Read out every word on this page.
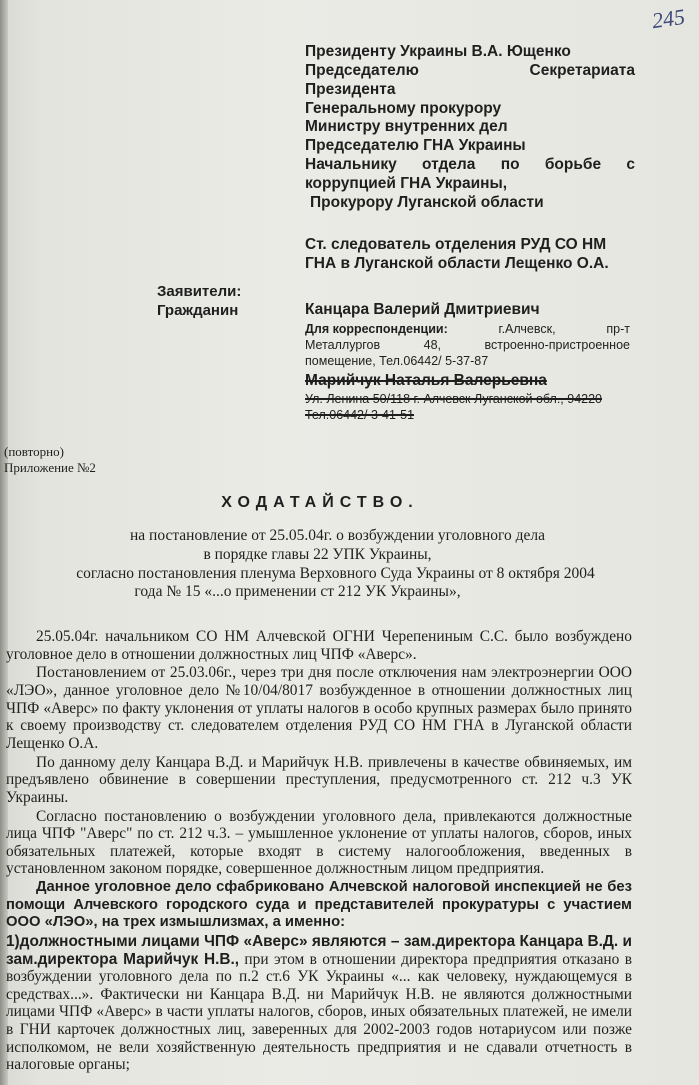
245
Президенту Украины В.А. Ющенко
Председателю	Секретариата
Президента
Генеральному прокурору
Министру внутренних дел
Председателю ГНА Украины
Начальнику отдела по борьбе с
коррупцией ГНА Украины,
Прокурору Луганской области
Ст. следователь отделения РУД СО НМ
ГНА в Луганской области Лещенко О.А.
Заявители:
Гражданин	Канцара Валерий Дмитриевич
Для корреспонденции:	г.Алчевск,	пр-т
Металлургов	48,	встроенно-пристроенное
помещение, Тел.06442/ 5-37-87
Марийчук Наталья Валерьевна
Ул. Ленина 50/118 г. Алчевск Луганской обл., 94220
Тел.06442/ 3-41-51
(повторно)
Приложение №2
ХОДАТАЙСТВО.
на постановление от 25.05.04г. о возбуждении уголовного дела
в порядке главы 22 УПК Украины,
согласно постановления пленума Верховного Суда Украины от 8 октября 2004
года № 15 «...о применении ст 212 УК Украины»,

25.05.04г. начальником СО НМ Алчевской ОГНИ Черепениным С.С. было возбуждено уголовное дело в отношении должностных лиц ЧПФ «Аверс».

Постановлением от 25.03.06г., через три дня после отключения нам электроэнергии ООО «ЛЭО», данное уголовное дело №10/04/8017 возбужденное в отношении должностных лиц ЧПФ «Аверс» по факту уклонения от уплаты налогов в особо крупных размерах было принято к своему производству ст. следователем отделения РУД СО НМ ГНА в Луганской области Лещенко О.А.

По данному делу Канцара В.Д. и Марийчук Н.В. привлечены в качестве обвиняемых, им предъявлено обвинение в совершении преступления, предусмотренного ст. 212 ч.3 УК Украины.

Согласно постановлению о возбуждении уголовного дела, привлекаются должностные лица ЧПФ "Аверс" по ст. 212 ч.3. – умышленное уклонение от уплаты налогов, сборов, иных обязательных платежей, которые входят в систему налогообложения, введенных в установленном законом порядке, совершенное должностным лицом предприятия.

Данное уголовное дело сфабриковано Алчевской налоговой инспекцией не без помощи Алчевского городского суда и представителей прокуратуры с участием ООО «ЛЭО», на трех измышлизмах, а именно:

1)должностными лицами ЧПФ «Аверс» являются – зам.директора Канцара В.Д. и зам.директора Марийчук Н.В., при этом в отношении директора предприятия отказано в возбуждении уголовного дела по п.2 ст.6 УК Украины «... как человеку, нуждающемуся в средствах...». Фактически ни Канцара В.Д. ни Марийчук Н.В. не являются должностными лицами ЧПФ «Аверс» в части уплаты налогов, сборов, иных обязательных платежей, не имели в ГНИ карточек должностных лиц, заверенных для 2002-2003 годов нотариусом или позже исполкомом, не вели хозяйственную деятельность предприятия и не сдавали отчетность в налоговые органы;
